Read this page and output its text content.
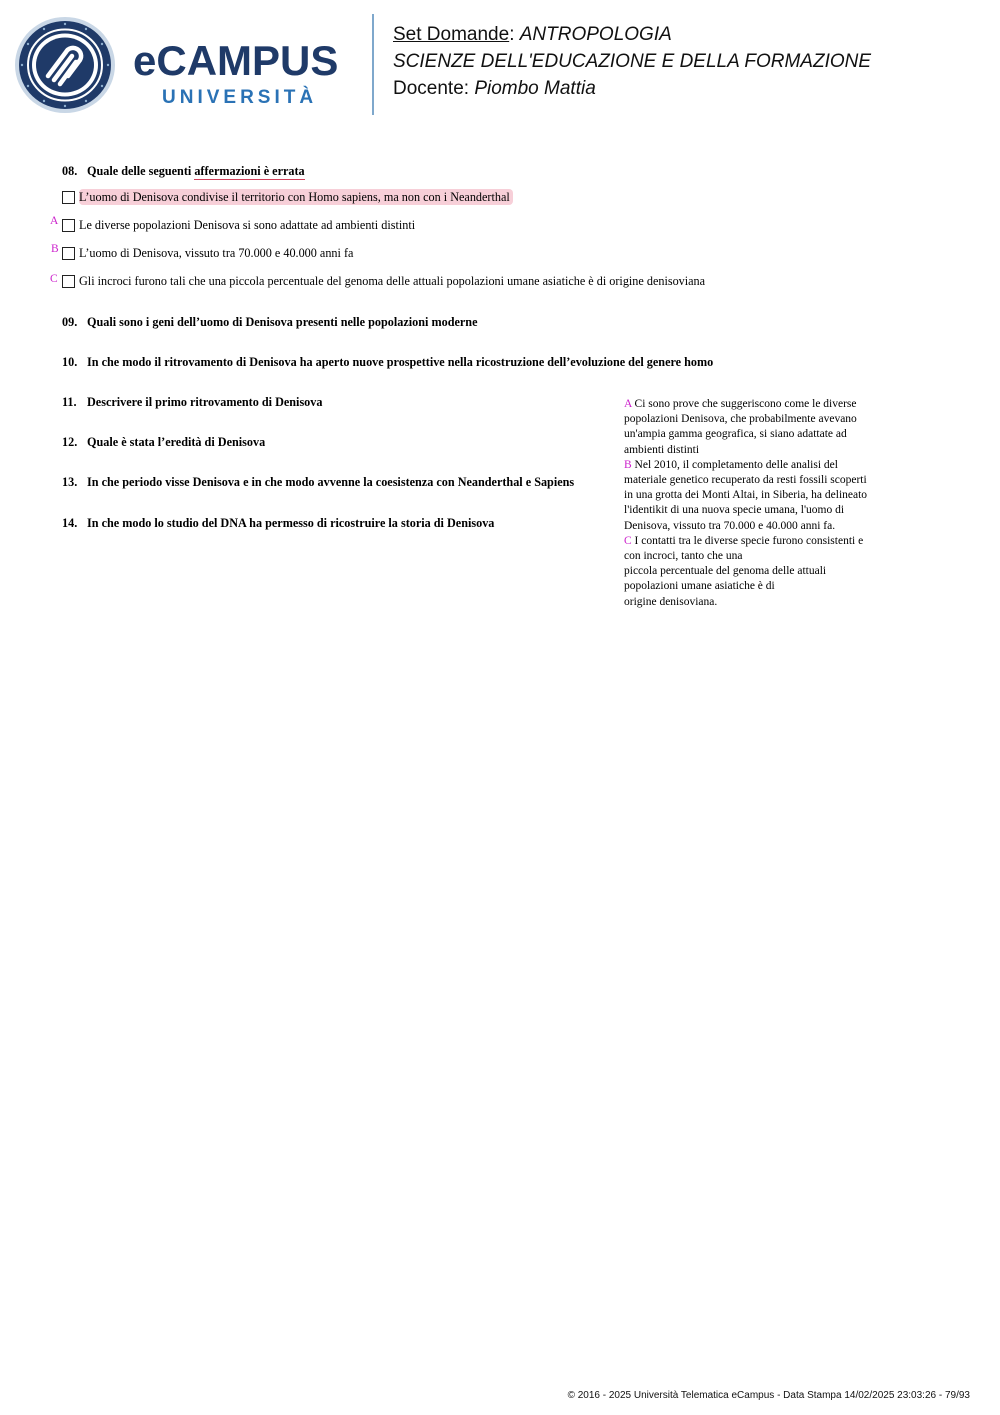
eCAMPUS
UNIVERSITÀ
Set Domande: ANTROPOLOGIA
SCIENZE DELL'EDUCAZIONE E DELLA FORMAZIONE
Docente: Piombo Mattia
08. Quale delle seguenti affermazioni è errata
L’uomo di Denisova condivise il territorio con Homo sapiens, ma non con i Neanderthal
A Le diverse popolazioni Denisova si sono adattate ad ambienti distinti
B L’uomo di Denisova, vissuto tra 70.000 e 40.000 anni fa
C Gli incroci furono tali che una piccola percentuale del genoma delle attuali popolazioni umane asiatiche è di origine denisoviana
09. Quali sono i geni dell’uomo di Denisova presenti nelle popolazioni moderne
10. In che modo il ritrovamento di Denisova ha aperto nuove prospettive nella ricostruzione dell’evoluzione del genere homo
11. Descrivere il primo ritrovamento di Denisova
12. Quale è stata l’eredità di Denisova
13. In che periodo visse Denisova e in che modo avvenne la coesistenza con Neanderthal e Sapiens
14. In che modo lo studio del DNA ha permesso di ricostruire la storia di Denisova

A Ci sono prove che suggeriscono come le diverse
popolazioni Denisova, che probabilmente avevano
un'ampia gamma geografica, si siano adattate ad
ambienti distinti

B Nel 2010, il completamento delle analisi del
materiale genetico recuperato da resti fossili scoperti
in una grotta dei Monti Altai, in Siberia, ha delineato
l'identikit di una nuova specie umana, l'uomo di
Denisova, vissuto tra 70.000 e 40.000 anni fa.

C I contatti tra le diverse specie furono consistenti e
con incroci, tanto che una
piccola percentuale del genoma delle attuali
popolazioni umane asiatiche è di
origine denisoviana.

© 2016 - 2025 Università Telematica eCampus - Data Stampa 14/02/2025 23:03:26 - 79/93
